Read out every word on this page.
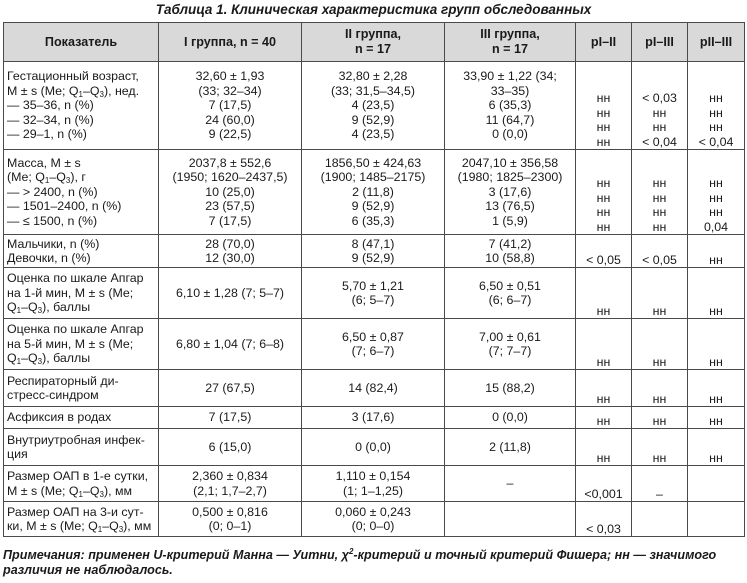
Таблица 1. Клиническая характеристика групп обследованных
Показатель	I группа, n = 40	II группа,
n = 17	III группа,
n = 17	pI–II	pI–III	pII–III

Гестационный возраст,
M ± s (Me; $Q_1-Q_3$), нед.
— 35–36, n (%)
— 32–34, n (%)
— 29–1, n (%)	32,60 ± 1,93
(33; 32–34)
7 (17,5)
24 (60,0)
9 (22,5)	32,80 ± 2,28
(33; 31,5–34,5)
4 (23,5)
9 (52,9)
4 (23,5)	33,90 ± 1,22 (34;
33–35)
6 (35,3)
11 (64,7)
0 (0,0)	нн
нн
нн
нн	< 0,03
нн
нн
< 0,04	нн
нн
нн
< 0,04

Масса, M ± s
(Me; $Q_1-Q_3$), г
— > 2400, n (%)
— 1501–2400, n (%)
— ≤ 1500, n (%)	2037,8 ± 552,6
(1950; 1620–2437,5)
10 (25,0)
23 (57,5)
7 (17,5)	1856,50 ± 424,63
(1900; 1485–2175)
2 (11,8)
9 (52,9)
6 (35,3)	2047,10 ± 356,58
(1980; 1825–2300)
3 (17,6)
13 (76,5)
1 (5,9)	нн
нн
нн
нн	нн
нн
нн
нн	нн
нн
нн
0,04

Мальчики, n (%)
Девочки, n (%)	28 (70,0)
12 (30,0)	8 (47,1)
9 (52,9)	7 (41,2)
10 (58,8)	< 0,05	< 0,05	нн

Оценка по шкале Апгар
на 1-й мин, M ± s (Me;
$Q_1-Q_3$), баллы	6,10 ± 1,28 (7; 5–7)	5,70 ± 1,21
(6; 5–7)	6,50 ± 0,51
(6; 6–7)	нн	нн	нн

Оценка по шкале Апгар
на 5-й мин, M ± s (Me;
$Q_1-Q_3$), баллы	6,80 ± 1,04 (7; 6–8)	6,50 ± 0,87
(7; 6–7)	7,00 ± 0,61
(7; 7–7)	нн	нн	нн

Респираторный ди-
стресс-синдром	27 (67,5)	14 (82,4)	15 (88,2)	нн	нн	нн

Асфиксия в родах	7 (17,5)	3 (17,6)	0 (0,0)	нн	нн	нн

Внутриутробная инфек-
ция	6 (15,0)	0 (0,0)	2 (11,8)	нн	нн	нн

Размер ОАП в 1-е сутки,
M ± s (Me; $Q_1-Q_3$), мм	2,360 ± 0,834
(2,1; 1,7–2,7)	1,110 ± 0,154
(1; 1–1,25)	–	<0,001	–	

Размер ОАП на 3-и сут-
ки, M ± s (Me; $Q_1-Q_3$), мм	0,500 ± 0,816
(0; 0–1)	0,060 ± 0,243
(0; 0–0)		< 0,03		

Примечания: применен U-критерий Манна — Уитни, $\chi^2$-критерий и точный критерий Фишера; нн — значимого различия не наблюдалось.
